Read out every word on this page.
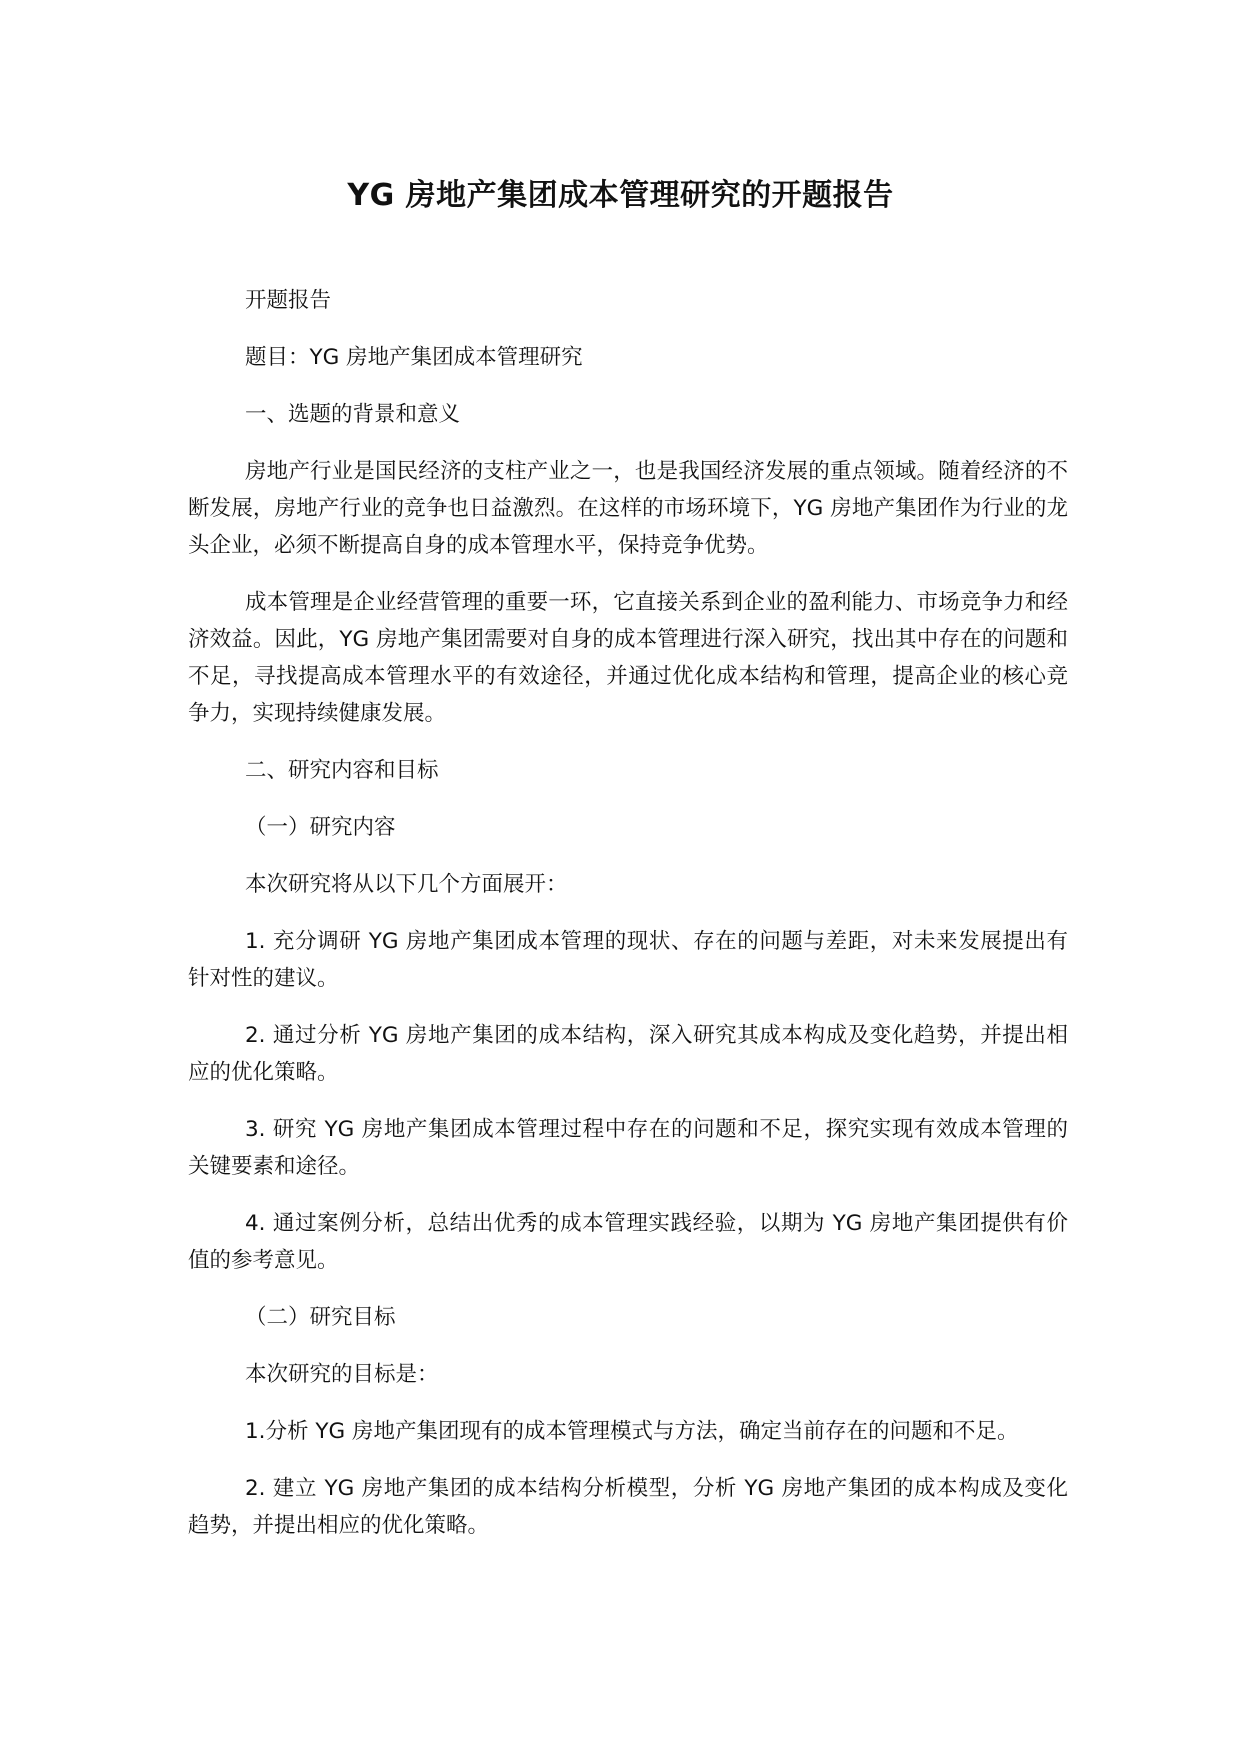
YG 房地产集团成本管理研究的开题报告

开题报告

题目：YG 房地产集团成本管理研究

一、选题的背景和意义

房地产行业是国民经济的支柱产业之一，也是我国经济发展的重点领域。随着经济的不断发展，房地产行业的竞争也日益激烈。在这样的市场环境下，YG 房地产集团作为行业的龙头企业，必须不断提高自身的成本管理水平，保持竞争优势。

成本管理是企业经营管理的重要一环，它直接关系到企业的盈利能力、市场竞争力和经济效益。因此，YG 房地产集团需要对自身的成本管理进行深入研究，找出其中存在的问题和不足，寻找提高成本管理水平的有效途径，并通过优化成本结构和管理，提高企业的核心竞争力，实现持续健康发展。

二、研究内容和目标

（一）研究内容

本次研究将从以下几个方面展开：

1. 充分调研 YG 房地产集团成本管理的现状、存在的问题与差距，对未来发展提出有针对性的建议。

2. 通过分析 YG 房地产集团的成本结构，深入研究其成本构成及变化趋势，并提出相应的优化策略。

3. 研究 YG 房地产集团成本管理过程中存在的问题和不足，探究实现有效成本管理的关键要素和途径。

4. 通过案例分析，总结出优秀的成本管理实践经验，以期为 YG 房地产集团提供有价值的参考意见。

（二）研究目标

本次研究的目标是：

1.分析 YG 房地产集团现有的成本管理模式与方法，确定当前存在的问题和不足。

2. 建立 YG 房地产集团的成本结构分析模型，分析 YG 房地产集团的成本构成及变化趋势，并提出相应的优化策略。
